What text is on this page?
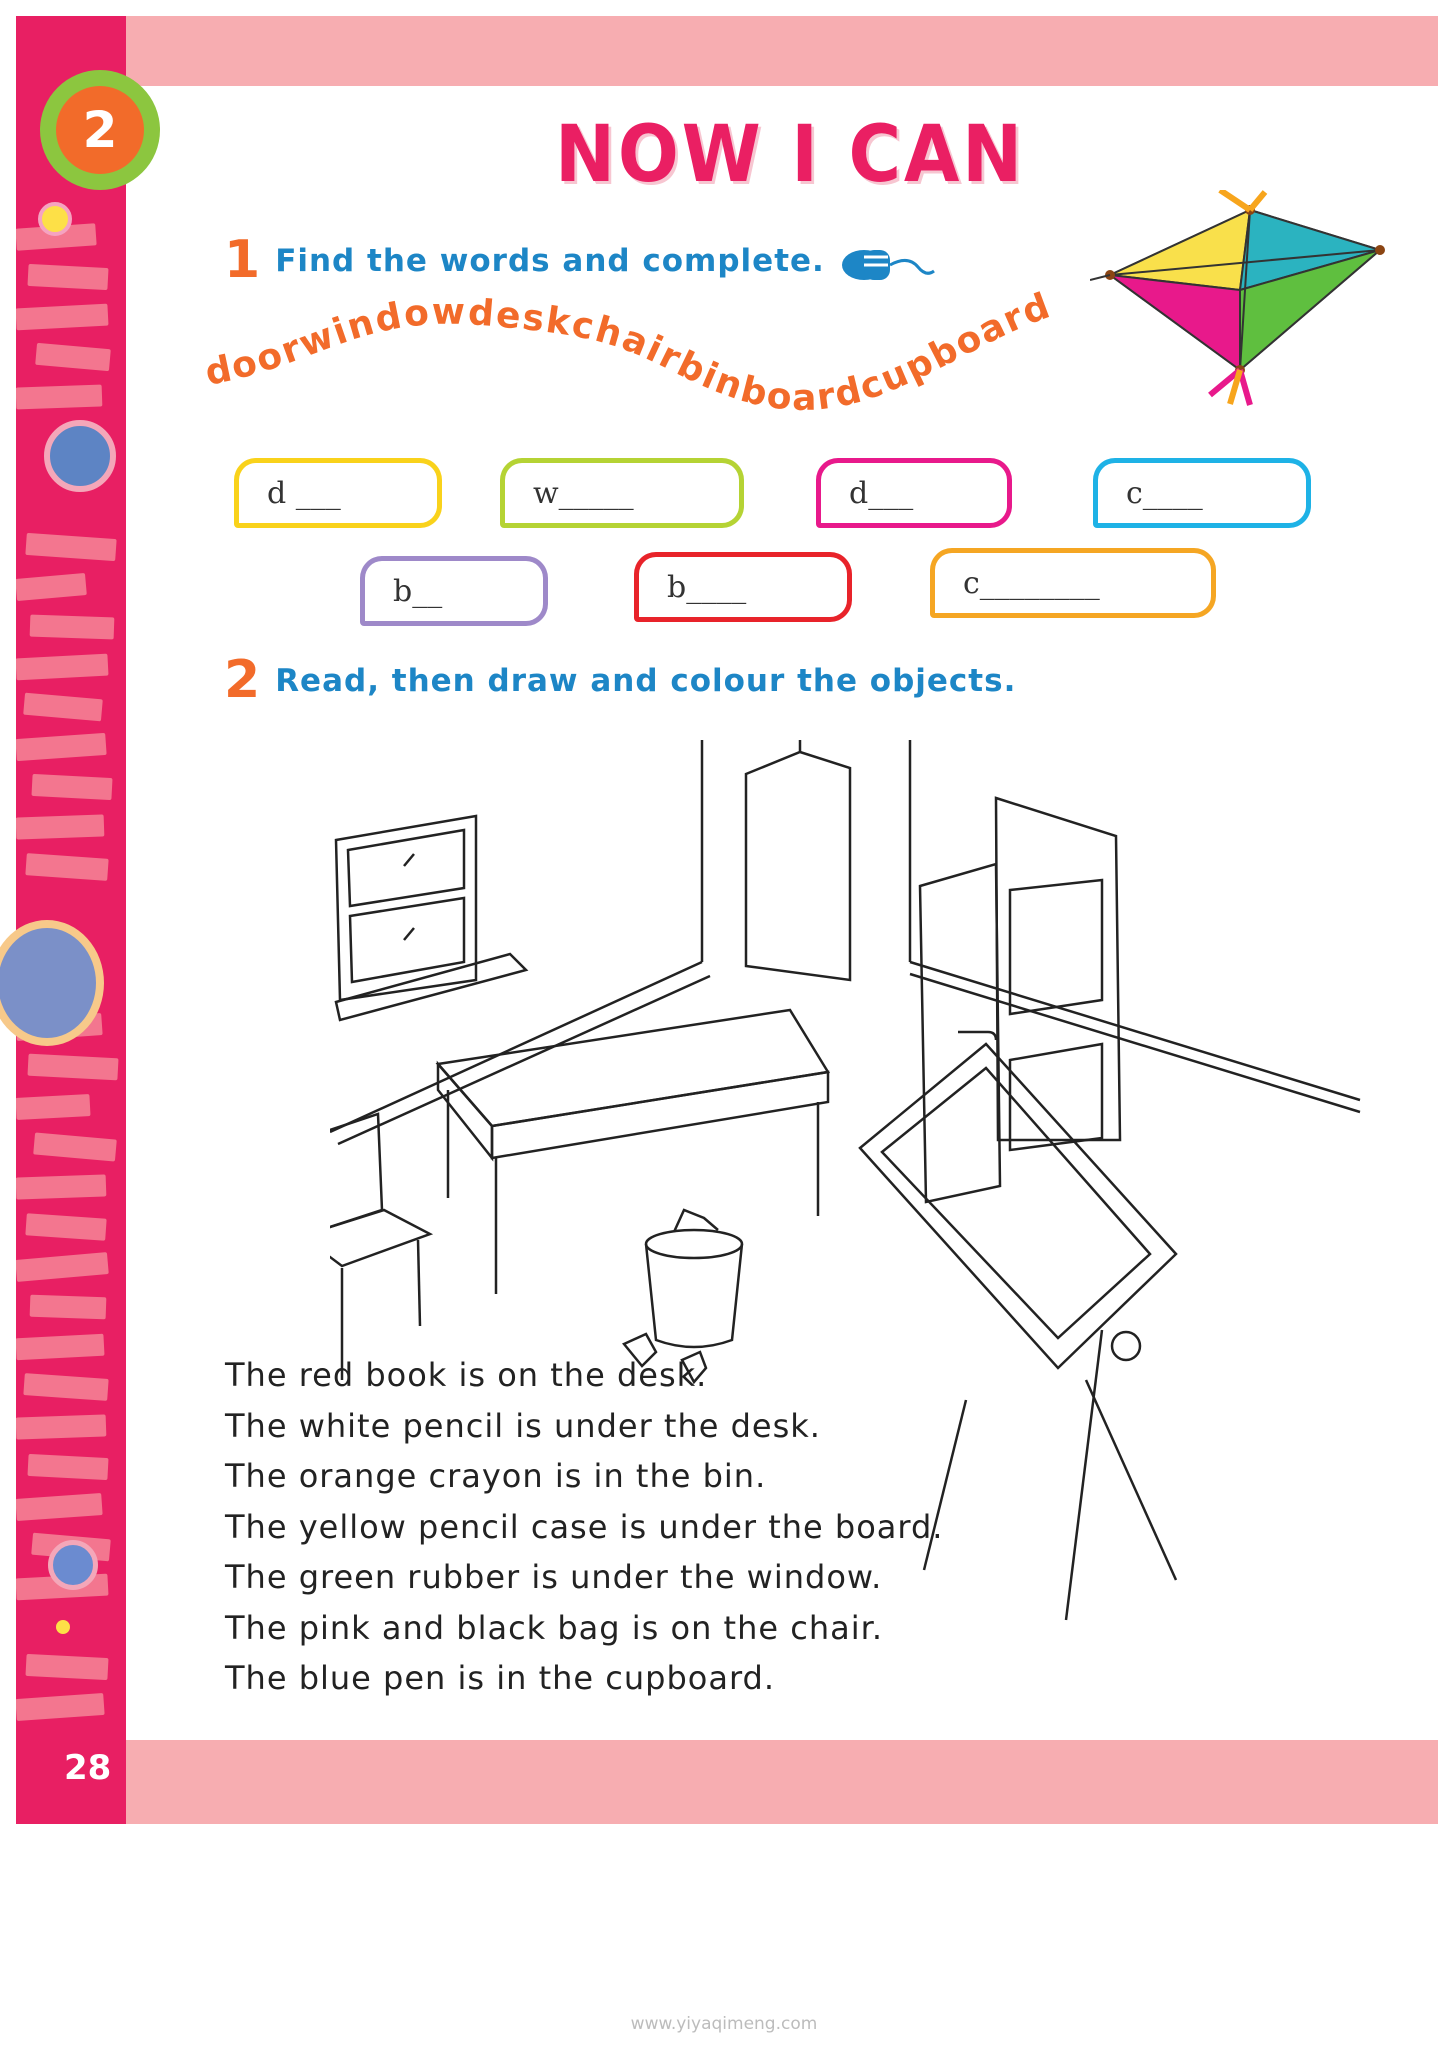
2
28
NOW I CAN
1 Find the words and complete.
doorwindowdeskchairbinboardcupboard
d ___	w_____	d___	c____
b__	b____	c________
2 Read, then draw and colour the objects.
The red book is on the desk.
The white pencil is under the desk.
The orange crayon is in the bin.
The yellow pencil case is under the board.
The green rubber is under the window.
The pink and black bag is on the chair.
The blue pen is in the cupboard.
www.yiyaqimeng.com
